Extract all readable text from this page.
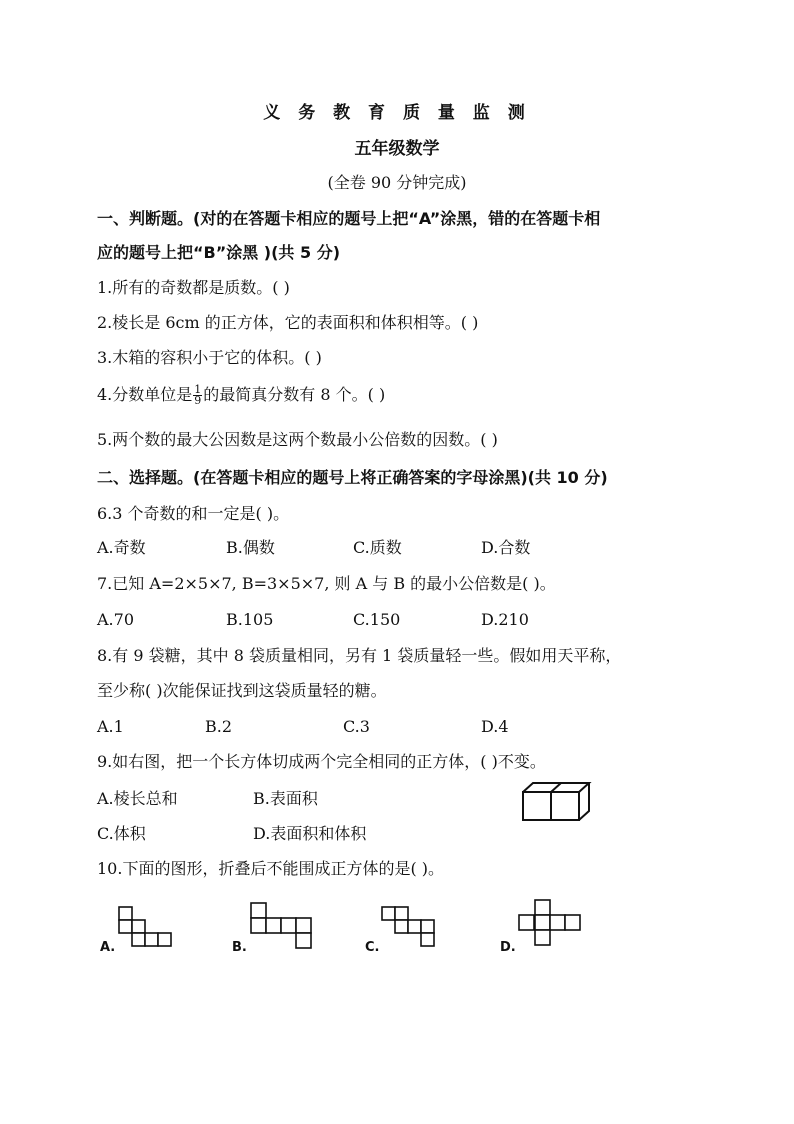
义 务 教 育 质 量 监 测
五年级数学
(全卷 90 分钟完成)
一、判断题。(对的在答题卡相应的题号上把“A”涂黑，错的在答题卡相
应的题号上把“B”涂黑 )(共 5 分)
1.所有的奇数都是质数。( )
2.棱长是 6cm 的正方体，它的表面积和体积相等。( )
3.木箱的容积小于它的体积。( )
4.分数单位是 $\frac{1}{9}$ 的最简真分数有 8 个。( )
5.两个数的最大公因数是这两个数最小公倍数的因数。( )
二、选择题。(在答题卡相应的题号上将正确答案的字母涂黑)(共 10 分)
6.3 个奇数的和一定是( )。
A.奇数	B.偶数	C.质数	D.合数
7.已知 A=2×5×7, B=3×5×7, 则 A 与 B 的最小公倍数是( )。
A.70	B.105	C.150	D.210
8.有 9 袋糖，其中 8 袋质量相同，另有 1 袋质量轻一些。假如用天平称，
至少称( )次能保证找到这袋质量轻的糖。
A.1	B.2	C.3	D.4
9.如右图，把一个长方体切成两个完全相同的正方体，( )不变。
A.棱长总和	B.表面积
C.体积	D.表面积和体积
10.下面的图形，折叠后不能围成正方体的是( )。
A.	B.	C.	D.
